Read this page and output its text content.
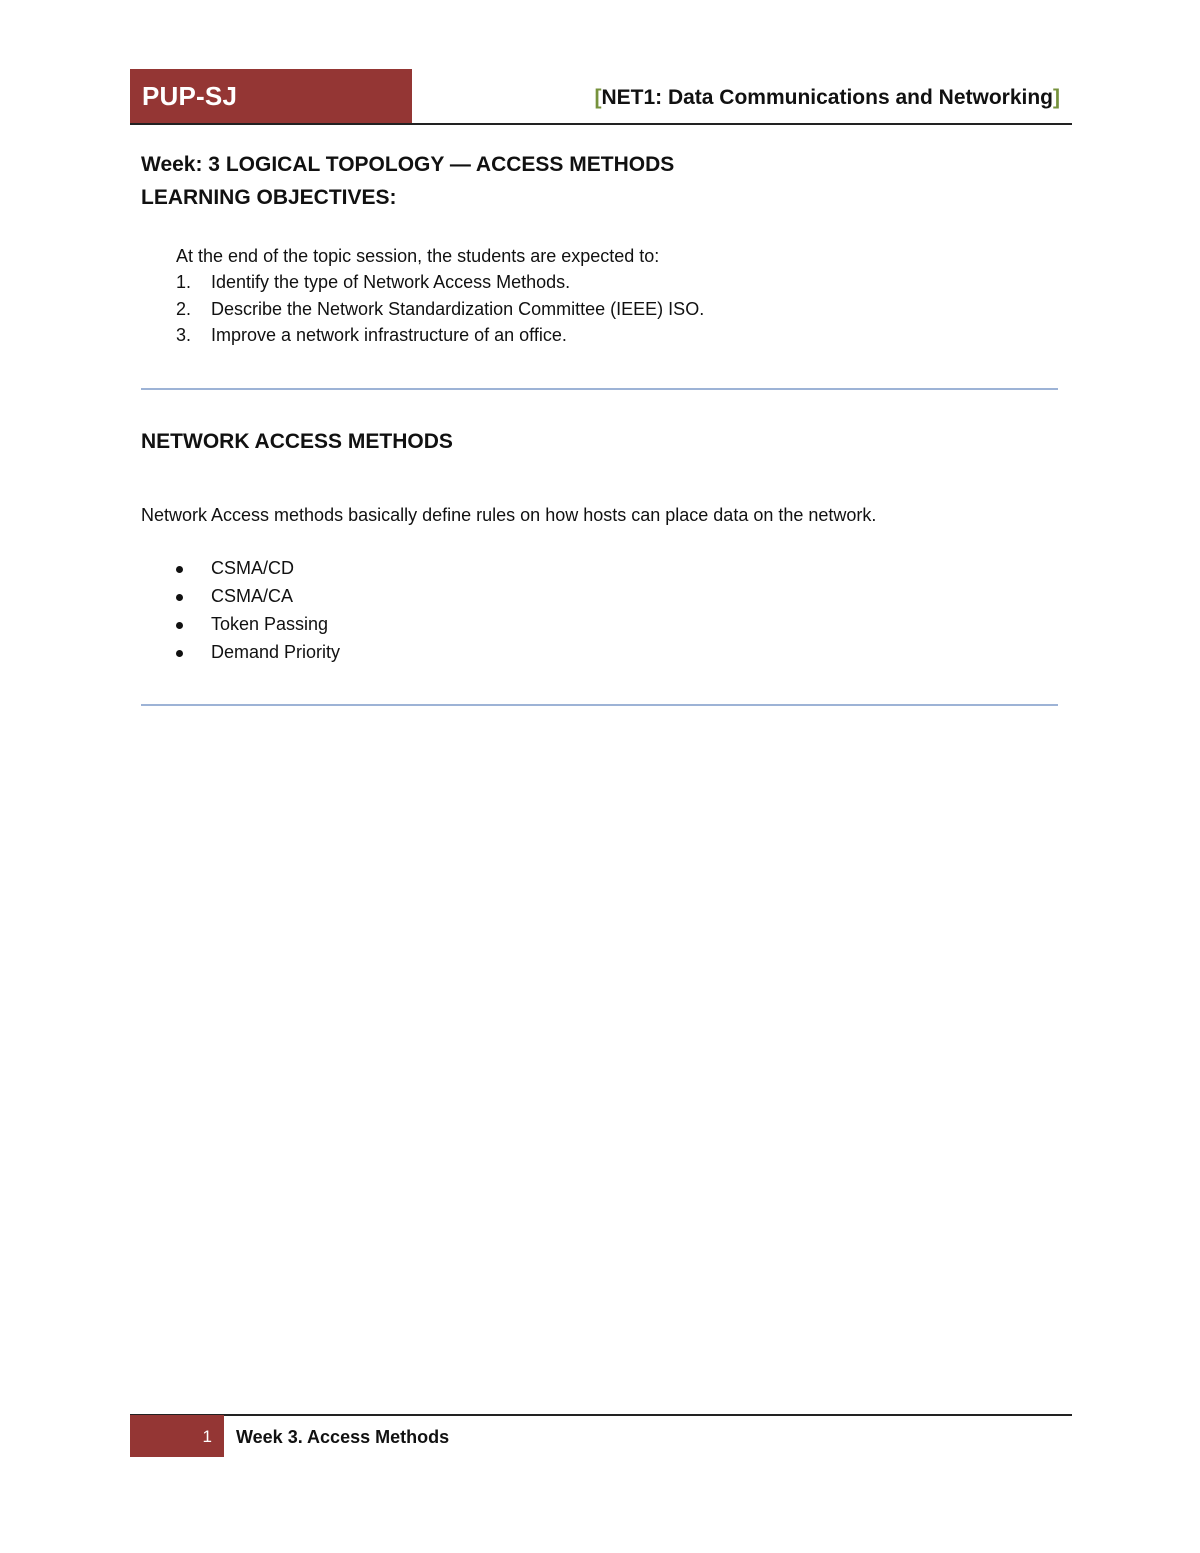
PUP-SJ	[NET1: Data Communications and Networking]
Week: 3 LOGICAL TOPOLOGY — ACCESS METHODS
LEARNING OBJECTIVES:
At the end of the topic session, the students are expected to:
1.	Identify the type of Network Access Methods.
2.	Describe the Network Standardization Committee (IEEE) ISO.
3.	Improve a network infrastructure of an office.
NETWORK ACCESS METHODS
Network Access methods basically define rules on how hosts can place data on the network.
CSMA/CD
CSMA/CA
Token Passing
Demand Priority
1 Week 3. Access Methods
